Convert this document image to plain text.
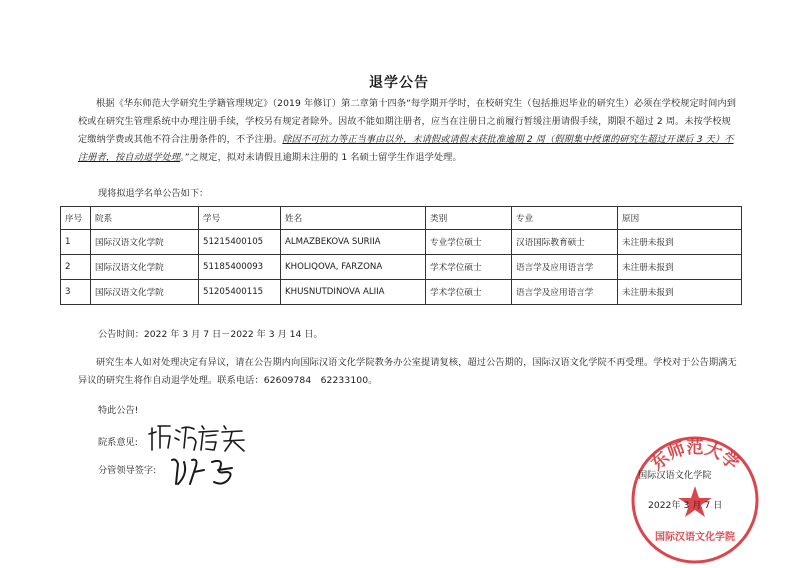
退学公告
根据《华东师范大学研究生学籍管理规定》（2019 年修订）第二章第十四条“每学期开学时，在校研究生（包括推迟毕业的研究生）必须在学校规定时间内到校或在研究生管理系统中办理注册手续，学校另有规定者除外。因故不能如期注册者，应当在注册日之前履行暂缓注册请假手续，期限不超过 2 周。未按学校规定缴纳学费或其他不符合注册条件的，不予注册。除因不可抗力等正当事由以外，未请假或请假未获批准逾期 2 周（假期集中授课的研究生超过开课后 3 天）不注册者，按自动退学处理。”之规定，拟对未请假且逾期未注册的 1 名硕士留学生作退学处理。
现将拟退学名单公告如下：
序号	院系	学号	姓名	类别	专业	原因
1	国际汉语文化学院	51215400105	ALMAZBEKOVA SURIIA	专业学位硕士	汉语国际教育硕士	未注册未报到
2	国际汉语文化学院	51185400093	KHOLIQOVA, FARZONA	学术学位硕士	语言学及应用语言学	未注册未报到
3	国际汉语文化学院	51205400115	KHUSNUTDINOVA ALIIA	学术学位硕士	语言学及应用语言学	未注册未报到
公告时间：2022 年 3 月 7 日－2022 年 3 月 14 日。
研究生本人如对处理决定有异议，请在公告期内向国际汉语文化学院教务办公室提请复核，超过公告期的，国际汉语文化学院不再受理。学校对于公告期满无异议的研究生将作自动退学处理。联系电话：62609784　62233100。
特此公告!
院系意见:
分管领导签字:	东师范大学
国际汉语文化学院
国际汉语文化学院
2022年 3 月 7 日
